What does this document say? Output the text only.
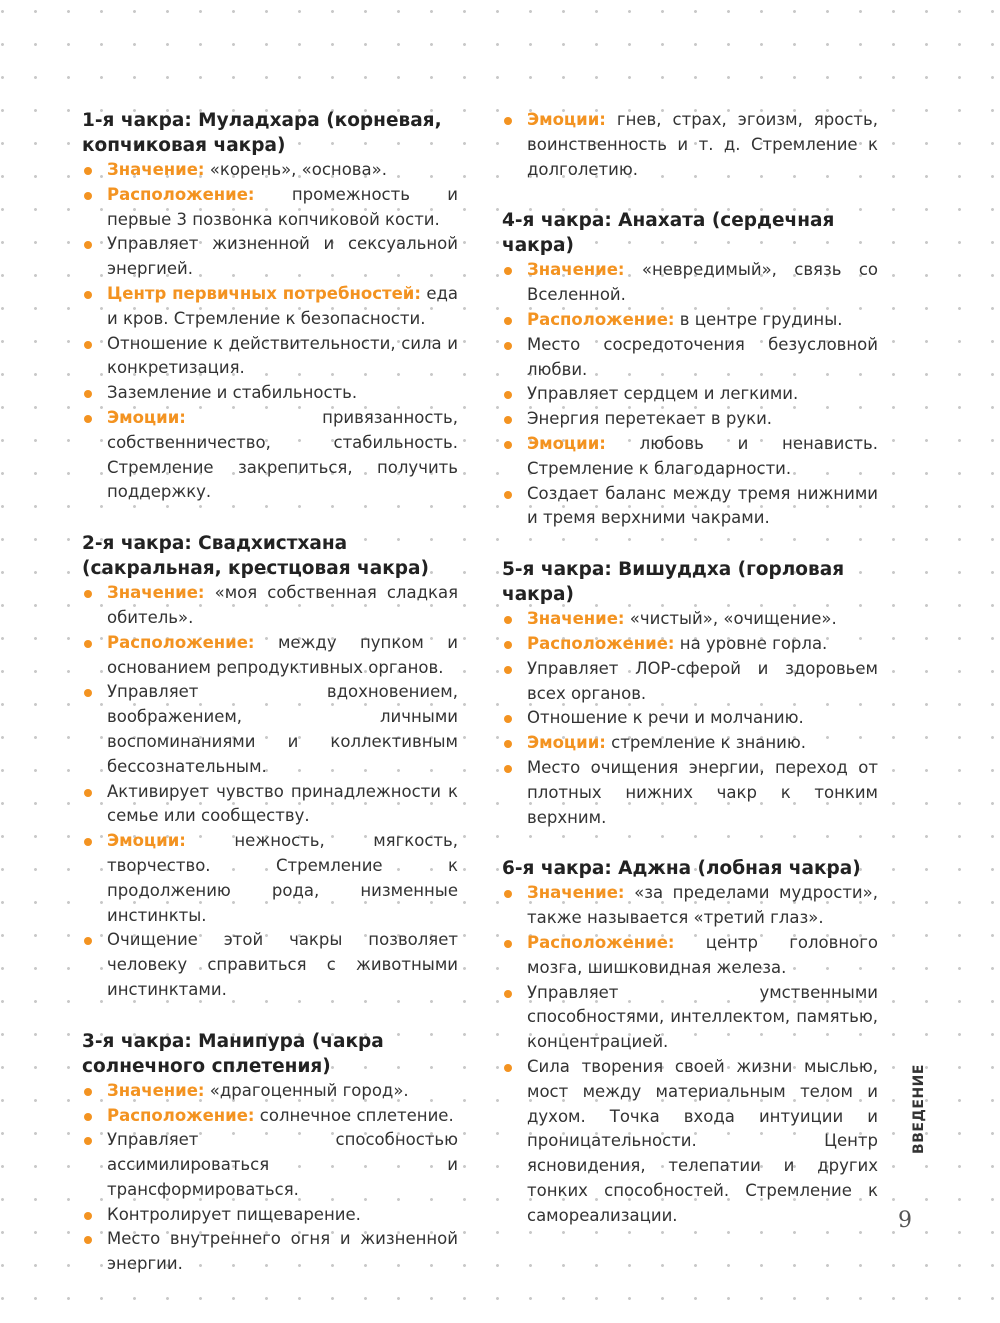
1-я чакра: Муладхара (корневая, копчиковая чакра)
Значение: «корень», «основа».
Расположение: промежность и первые 3 позвонка копчиковой кости.
Управляет жизненной и сексуальной энергией.
Центр первичных потребностей: еда и кров. Стремление к безопасности.
Отношение к действительности, сила и конкретизация.
Заземление и стабильность.
Эмоции: привязанность, собственничество, стабильность. Стремление закрепиться, получить поддержку.
2-я чакра: Свадхистхана (сакральная, крестцовая чакра)
Значение: «моя собственная сладкая обитель».
Расположение: между пупком и основанием репродуктивных органов.
Управляет вдохновением, воображением, личными воспоминаниями и коллективным бессознательным.
Активирует чувство принадлежности к семье или сообществу.
Эмоции: нежность, мягкость, творчество. Стремление к продолжению рода, низменные инстинкты.
Очищение этой чакры позволяет человеку справиться с животными инстинктами.
3-я чакра: Манипура (чакра солнечного сплетения)
Значение: «драгоценный город».
Расположение: солнечное сплетение.
Управляет способностью ассимилироваться и трансформироваться.
Контролирует пищеварение.
Место внутреннего огня и жизненной энергии.
Эмоции: гнев, страх, эгоизм, ярость, воинственность и т. д. Стремление к долголетию.
4-я чакра: Анахата (сердечная чакра)
Значение: «невредимый», связь со Вселенной.
Расположение: в центре грудины.
Место сосредоточения безусловной любви.
Управляет сердцем и легкими.
Энергия перетекает в руки.
Эмоции: любовь и ненависть. Стремление к благодарности.
Создает баланс между тремя нижними и тремя верхними чакрами.
5-я чакра: Вишуддха (горловая чакра)
Значение: «чистый», «очищение».
Расположение: на уровне горла.
Управляет ЛОР-сферой и здоровьем всех органов.
Отношение к речи и молчанию.
Эмоции: стремление к знанию.
Место очищения энергии, переход от плотных нижних чакр к тонким верхним.
6-я чакра: Аджна (лобная чакра)
Значение: «за пределами мудрости», также называется «третий глаз».
Расположение: центр головного мозга, шишковидная железа.
Управляет умственными способностями, интеллектом, памятью, концентрацией.
Сила творения своей жизни мыслью, мост между материальным телом и духом. Точка входа интуиции и проницательности. Центр ясновидения, телепатии и других тонких способностей. Стремление к самореализации.
ВВЕДЕНИЕ
9
